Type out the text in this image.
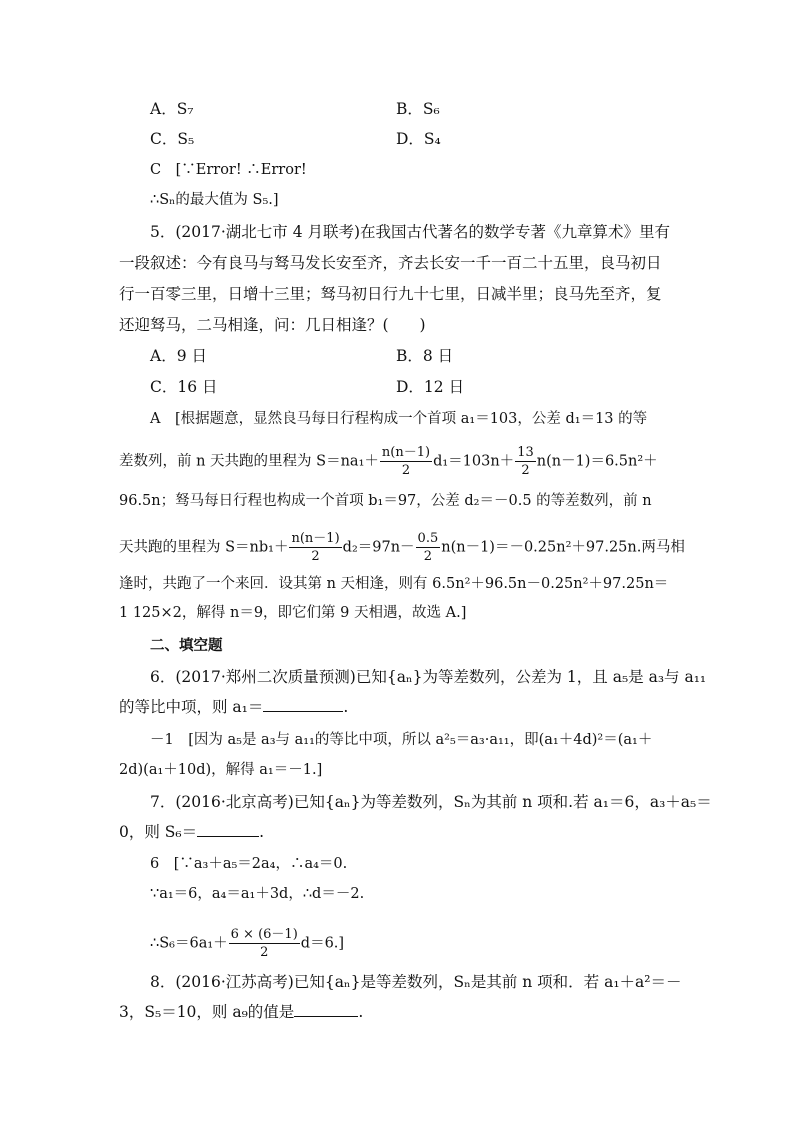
A．S₇	B．S₆
C．S₅	D．S₄
C　[∵Error! ∴Error!
∴Sₙ的最大值为 S₅.]
5．(2017·湖北七市 4 月联考)在我国古代著名的数学专著《九章算术》里有
一段叙述：今有良马与驽马发长安至齐，齐去长安一千一百二十五里，良马初日
行一百零三里，日增十三里；驽马初日行九十七里，日减半里；良马先至齐，复
还迎驽马，二马相逢，问：几日相逢？(　　)
A．9 日	B．8 日
C．16 日	D．12 日
A　[根据题意，显然良马每日行程构成一个首项 a₁＝103，公差 d₁＝13 的等
差数列，前 n 天共跑的里程为 $S=na_1+ \frac{n(n-1)}{2} d_1=103n+ \frac{13}{2} n(n-1)=6.5n^2+$
96.5n；驽马每日行程也构成一个首项 b₁＝97，公差 d₂＝－0.5 的等差数列，前 n
天共跑的里程为 $S=nb_1+ \frac{n(n-1)}{2} d_2=97n- \frac{0.5}{2} n(n-1)=-0.25n^2+97.25n$.两马相
逢时，共跑了一个来回．设其第 n 天相逢，则有 6.5n²＋96.5n－0.25n²＋97.25n＝
1 125×2，解得 n＝9，即它们第 9 天相遇，故选 A.]
二、填空题
6．(2017·郑州二次质量预测)已知{aₙ}为等差数列，公差为 1，且 a₅是 a₃与 a₁₁
的等比中项，则 a₁＝	.
－1　[因为 a₅是 a₃与 a₁₁的等比中项，所以 a²₅＝a₃·a₁₁，即(a₁＋4d)²＝(a₁＋
2d)(a₁＋10d)，解得 a₁＝－1.]
7．(2016·北京高考)已知{aₙ}为等差数列，Sₙ为其前 n 项和.若 a₁＝6，a₃＋a₅＝
0，则 S₆＝	.
6　[∵a₃＋a₅＝2a₄，∴a₄＝0.
∵a₁＝6，a₄＝a₁＋3d，∴d＝－2.
∴S₆＝6a₁＋ $\frac{6 \times (6-1)}{2} d=6$.]
8．(2016·江苏高考)已知{aₙ}是等差数列，Sₙ是其前 n 项和．若 a₁＋a²＝－
3，S₅＝10，则 a₉的值是	.
